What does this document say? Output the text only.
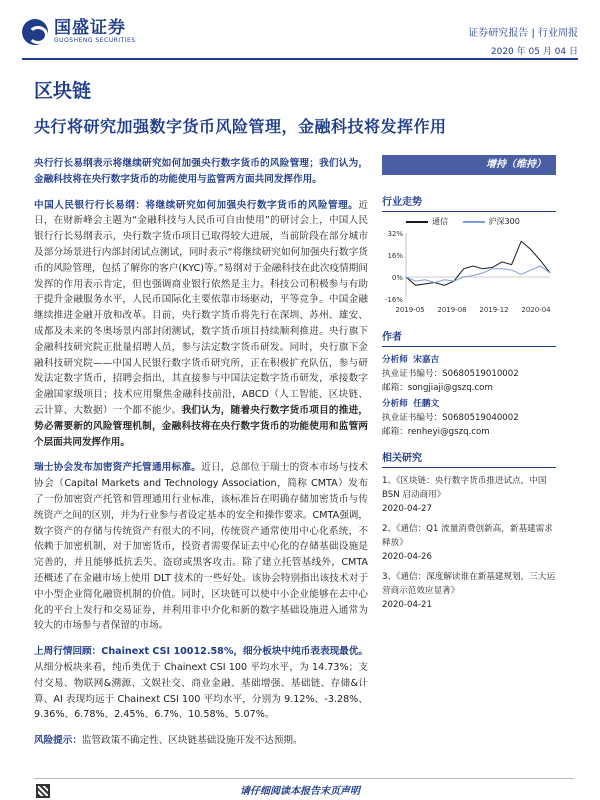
国盛证券
GUOSHENG SECURITIES
证券研究报告 | 行业周报
2020 年 05 月 04 日
区块链
央行将研究加强数字货币风险管理，金融科技将发挥作用

央行行长易纲表示将继续研究如何加强央行数字货币的风险管理；我们认为，金融科技将在央行数字货币的功能使用与监管两方面共同发挥作用。

中国人民银行行长易纲：将继续研究如何加强央行数字货币的风险管理。近日，在财新峰会主题为“金融科技与人民币可自由使用”的研讨会上，中国人民银行行长易纲表示，央行数字货币项目已取得较大进展，当前阶段在部分城市及部分场景进行内部封闭试点测试，同时表示“将继续研究如何加强央行数字货币的风险管理，包括了解你的客户(KYC)等。”易纲对于金融科技在此次疫情期间发挥的作用表示肯定，但也强调商业银行依然是主力。科技公司积极参与有助于提升金融服务水平，人民币国际化主要依靠市场驱动，平等竞争。中国金融继续推进金融开放和改革。目前，央行数字货币将先行在深圳、苏州、雄安、成都及未来的冬奥场景内部封闭测试，数字货币项目持续顺利推进。央行旗下金融科技研究院正批量招聘人员，参与法定数字货币研发。同时，央行旗下金融科技研究院——中国人民银行数字货币研究所，正在积极扩充队伍，参与研发法定数字货币，招聘会指出，其直接参与中国法定数字货币研发，承接数字金融国家级项目；技术应用聚焦金融科技前沿，ABCD（人工智能、区块链、云计算、大数据）一个都不能少。我们认为，随着央行数字货币项目的推进，势必需要新的风险管理机制，金融科技将在央行数字货币的功能使用和监管两个层面共同发挥作用。

瑞士协会发布加密资产托管通用标准。近日，总部位于瑞士的资本市场与技术协会（Capital Markets and Technology Association，简称 CMTA）发布了一份加密资产托管和管理通用行业标准，该标准旨在明确存储加密货币与传统资产之间的区别，并为行业参与者设定基本的安全和操作要求。CMTA强调，数字资产的存储与传统资产有很大的不同，传统资产通常使用中心化系统，不依赖于加密机制，对于加密货币，投资者需要保证去中心化的存储基础设施是完善的，并且能够抵抗丢失、盗窃或黑客攻击。除了建立托管基线外，CMTA 还概述了在金融市场上使用 DLT 技术的一些好处。该协会特别指出该技术对于中小型企业简化融资机制的价值。同时，区块链可以使中小企业能够在去中心化的平台上发行和交易证券，并利用非中介化和新的数字基础设施进入通常为较大的市场参与者保留的市场。

上周行情回顾：Chainext CSI 10012.58%，细分板块中纯币表表现最优。从细分板块来看，纯币类优于 Chainext CSI 100 平均水平，为 14.73%；支付交易、物联网&溯源、文娱社交、商业金融、基础增强、基础链、存储&计算、AI 表现均远于 Chainext CSI 100 平均水平，分别为 9.12%、-3.28%、9.36%、6.78%、2.45%、6.7%、10.58%、5.07%。

风险提示：监管政策不确定性、区块链基础设施开发不达预期。

增持（维持）
行业走势
通信	沪深300
32%
16%
0%
-16%
2019-05 2019-08 2019-12 2020-04
作者
分析师 宋嘉吉
执业证书编号：S0680519010002
邮箱：songjiaji@gszq.com
分析师 任鹏文
执业证书编号：S0680519040002
邮箱：renheyi@gszq.com
相关研究
1、《区块链：央行数字货币推进试点，中国 BSN 启动商用》
2020-04-27
2、《通信：Q1 流量消费创新高，新基建需求释放》
2020-04-26
3、《通信：深度解读谁在新基建规划，三大运营商示范效应显著》
2020-04-21
请仔细阅读本报告末页声明
